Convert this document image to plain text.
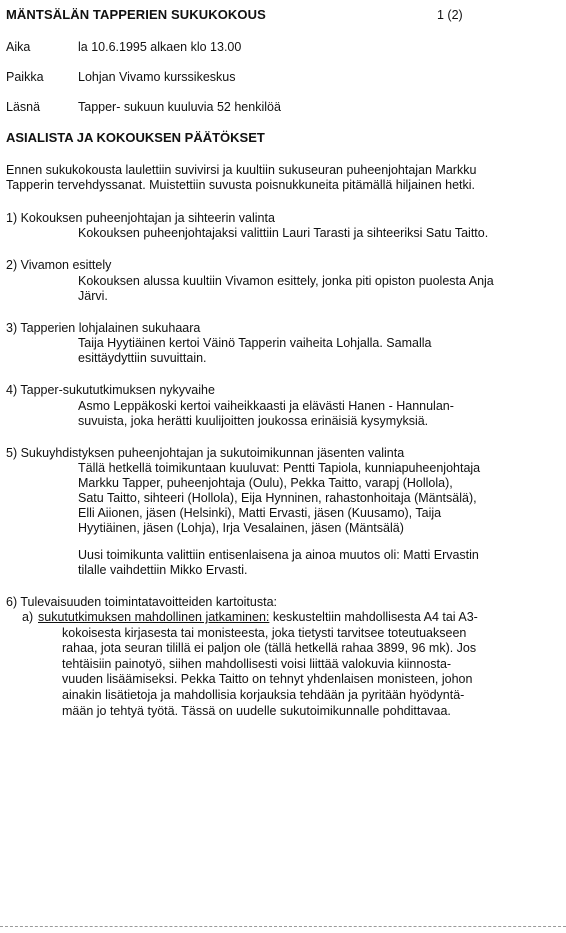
MÄNTSÄLÄN TAPPERIEN SUKUKOKOUS	1 (2)
Aika	la 10.6.1995 alkaen klo 13.00
Paikka	Lohjan Vivamo kurssikeskus
Läsnä	Tapper- sukuun kuuluvia 52 henkilöä
ASIALISTA JA KOKOUKSEN PÄÄTÖKSET
Ennen sukukokousta laulettiin suvivirsi ja kuultiin sukuseuran puheenjohtajan Markku
Tapperin tervehdyssanat. Muistettiin suvusta poisnukkuneita pitämällä hiljainen hetki.
1) Kokouksen puheenjohtajan ja sihteerin valinta
Kokouksen puheenjohtajaksi valittiin Lauri Tarasti ja sihteeriksi Satu Taitto.
2) Vivamon esittely
Kokouksen alussa kuultiin Vivamon esittely, jonka piti opiston puolesta Anja
Järvi.
3) Tapperien lohjalainen sukuhaara
Taija Hyytiäinen kertoi Väinö Tapperin vaiheita Lohjalla. Samalla
esittäydyttiin suvuittain.
4) Tapper-sukututkimuksen nykyvaihe
Asmo Leppäkoski kertoi vaiheikkaasti ja elävästi Hanen - Hannulan-
suvuista, joka herätti kuulijoitten joukossa erinäisiä kysymyksiä.
5) Sukuyhdistyksen puheenjohtajan ja sukutoimikunnan jäsenten valinta
Tällä hetkellä toimikuntaan kuuluvat: Pentti Tapiola, kunniapuheenjohtaja
Markku Tapper, puheenjohtaja (Oulu), Pekka Taitto, varapj (Hollola),
Satu Taitto, sihteeri (Hollola), Eija Hynninen, rahastonhoitaja (Mäntsälä),
Elli Aiionen, jäsen (Helsinki), Matti Ervasti, jäsen (Kuusamo), Taija
Hyytiäinen, jäsen (Lohja), Irja Vesalainen, jäsen (Mäntsälä)
Uusi toimikunta valittiin entisenlaisena ja ainoa muutos oli: Matti Ervastin
tilalle vaihdettiin Mikko Ervasti.
6) Tulevaisuuden toimintatavoitteiden kartoitusta:
a) sukututkimuksen mahdollinen jatkaminen: keskusteltiin mahdollisesta A4 tai A3-
kokoisesta kirjasesta tai monisteesta, joka tietysti tarvitsee toteutuakseen
rahaa, jota seuran tilillä ei paljon ole (tällä hetkellä rahaa 3899, 96 mk). Jos
tehtäisiin painotyö, siihen mahdollisesti voisi liittää valokuvia kiinnosta-
vuuden lisäämiseksi. Pekka Taitto on tehnyt yhdenlaisen monisteen, johon
ainakin lisätietoja ja mahdollisia korjauksia tehdään ja pyritään hyödyntä-
mään jo tehtyä työtä. Tässä on uudelle sukutoimikunnalle pohdittavaa.
